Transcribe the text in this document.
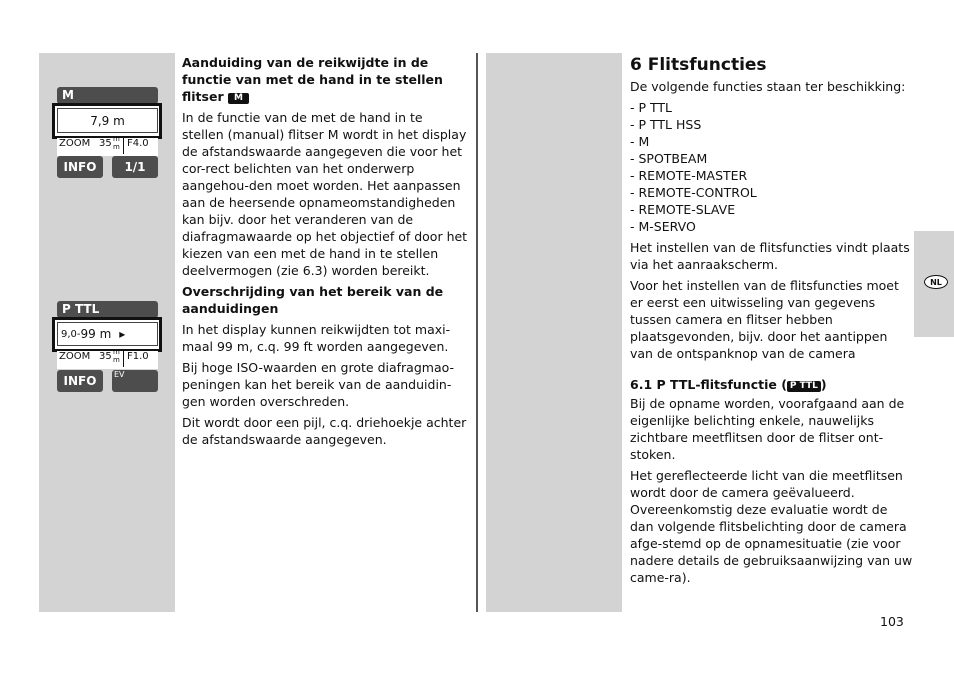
M
7,9 m
ZOOM 35 m
m F4.0
INFO	1/1
P TTL
9,0- 99 m ▸
ZOOM 35 m
m F1.0
INFO	EV

Aanduiding van de reikwijdte in de functie van met de hand in te stellen flitser M

In de functie van de met de hand in te stellen (manual) flitser M wordt in het display de afstandswaarde aangegeven die voor het cor-rect belichten van het onderwerp aangehou-den moet worden. Het aanpassen aan de heersende opnameomstandigheden kan bijv. door het veranderen van de diafragmawaarde op het objectief of door het kiezen van een met de hand in te stellen deelvermogen (zie 6.3) worden bereikt.

Overschrijding van het bereik van de aanduidingen

In het display kunnen reikwijdten tot maxi-maal 99 m, c.q. 99 ft worden aangegeven.

Bij hoge ISO-waarden en grote diafragmao-peningen kan het bereik van de aanduidin-gen worden overschreden.

Dit wordt door een pijl, c.q. driehoekje achter de afstandswaarde aangegeven.

6 Flitsfuncties

De volgende functies staan ter beschikking:

- P TTL
- P TTL HSS
- M
- SPOTBEAM
- REMOTE-MASTER
- REMOTE-CONTROL
- REMOTE-SLAVE
- M-SERVO

Het instellen van de flitsfuncties vindt plaats via het aanraakscherm.

Voor het instellen van de flitsfuncties moet er eerst een uitwisseling van gegevens tussen camera en flitser hebben plaatsgevonden, bijv. door het aantippen van de ontspanknop van de camera

6.1 P TTL-flitsfunctie ( P TTL )

Bij de opname worden, voorafgaand aan de eigenlijke belichting enkele, nauwelijks zichtbare meetflitsen door de flitser ont-stoken.

Het gereflecteerde licht van die meetflitsen wordt door de camera geëvalueerd. Overeenkomstig deze evaluatie wordt de dan volgende flitsbelichting door de camera afge-stemd op de opnamesituatie (zie voor nadere details de gebruiksaanwijzing van uw came-ra).

NL
103
